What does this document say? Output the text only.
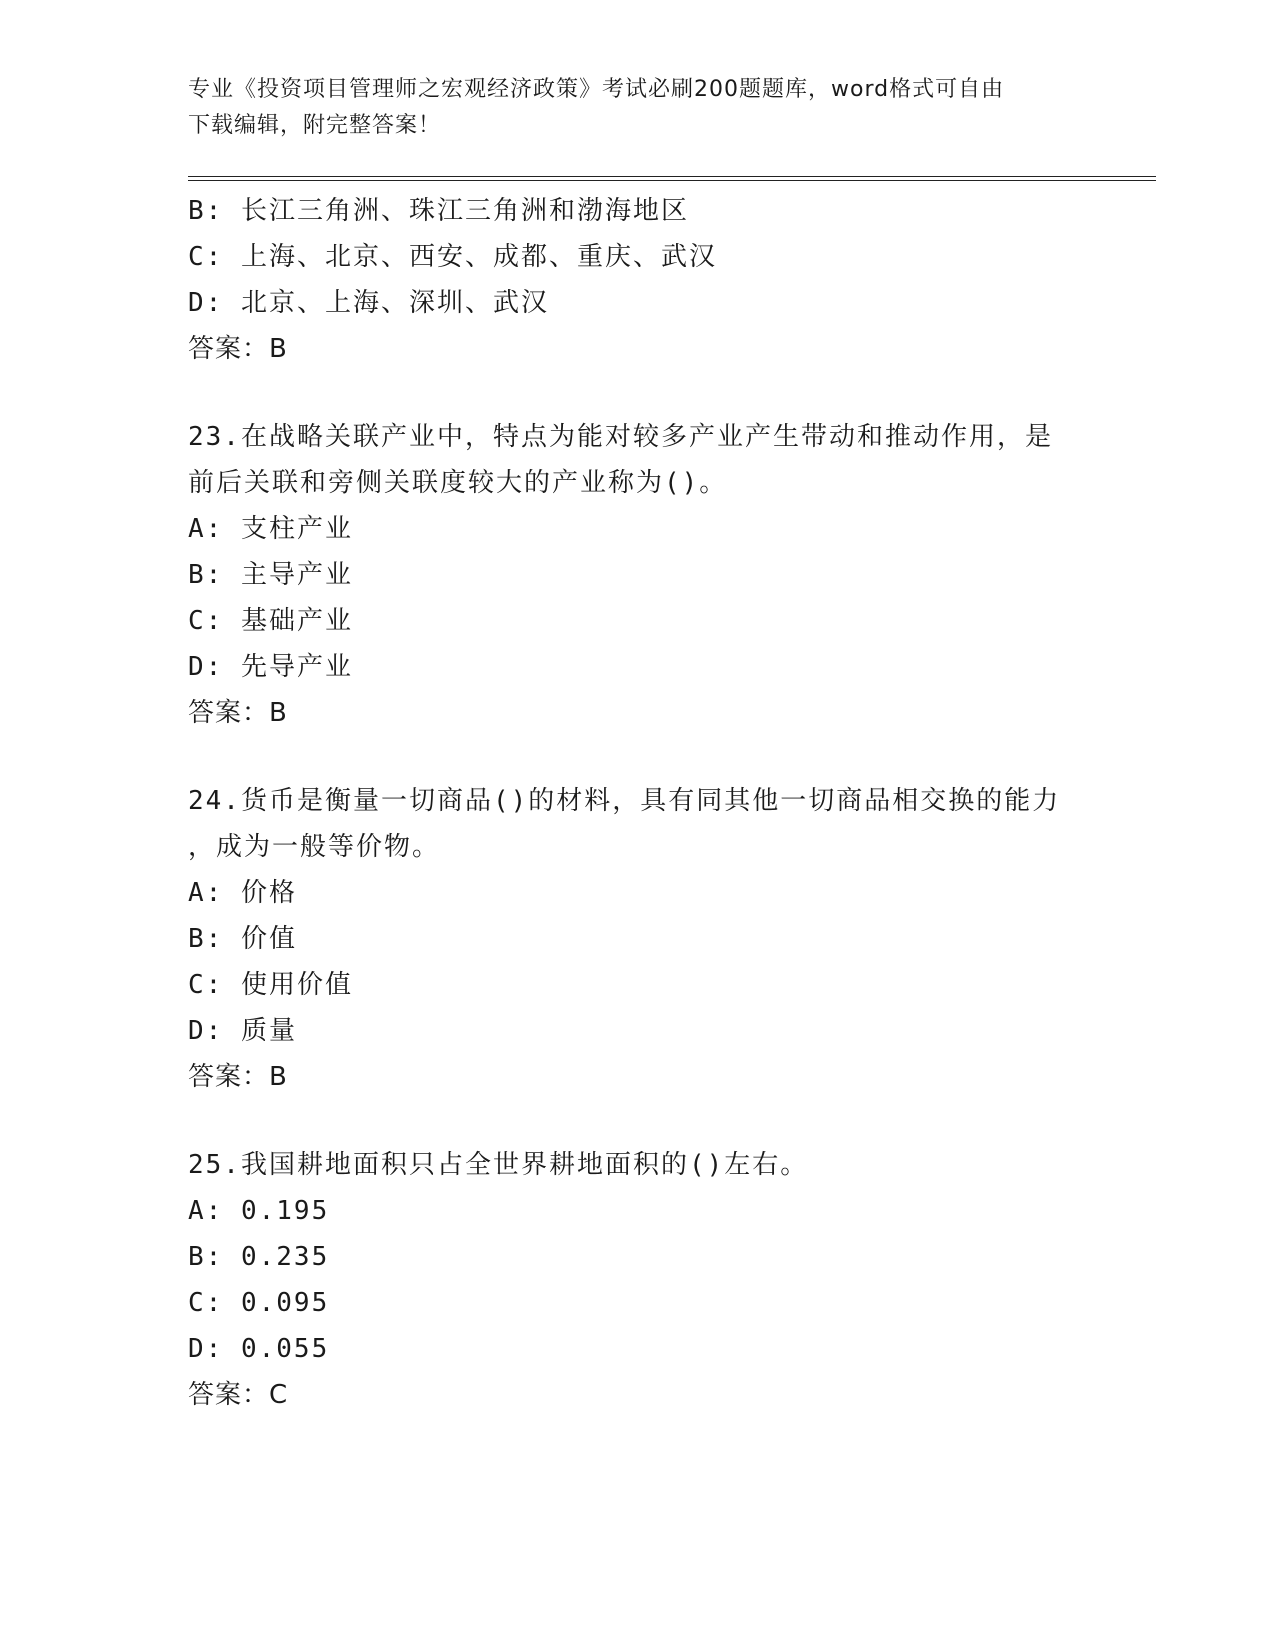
专业《投资项目管理师之宏观经济政策》考试必刷200题题库，word格式可自由
下载编辑，附完整答案！
B: 长江三角洲、珠江三角洲和渤海地区
C: 上海、北京、西安、成都、重庆、武汉
D: 北京、上海、深圳、武汉
答案：B
23.在战略关联产业中，特点为能对较多产业产生带动和推动作用，是
前后关联和旁侧关联度较大的产业称为()。
A: 支柱产业
B: 主导产业
C: 基础产业
D: 先导产业
答案：B
24.货币是衡量一切商品()的材料，具有同其他一切商品相交换的能力
，成为一般等价物。
A: 价格
B: 价值
C: 使用价值
D: 质量
答案：B
25.我国耕地面积只占全世界耕地面积的()左右。
A: 0.195
B: 0.235
C: 0.095
D: 0.055
答案：C
